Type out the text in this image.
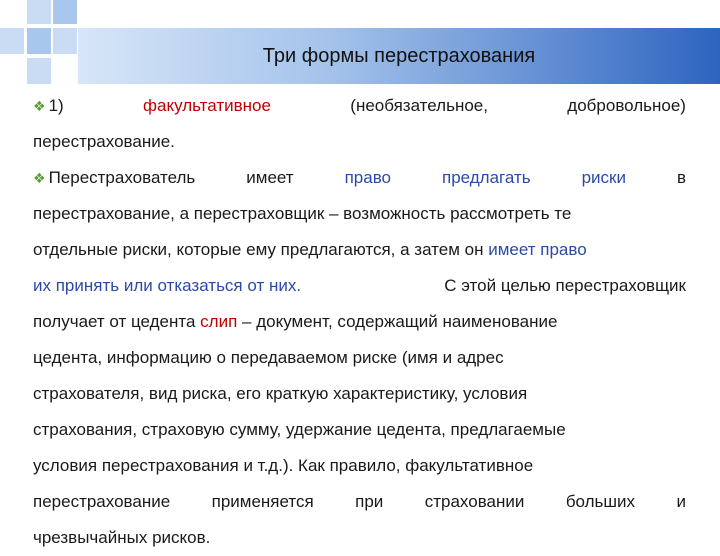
Три формы перестрахования
❖ 1)	факультативное	(необязательное,	добровольное)
перестрахование.
❖ Перестрахователь	имеет	право	предлагать	риски	в
перестрахование, а перестраховщик – возможность рассмотреть те
отдельные риски, которые ему предлагаются, а затем он имеет право
их принять или отказаться от них.	С этой целью перестраховщик
получает от цедента слип – документ, содержащий наименование
цедента, информацию о передаваемом риске (имя и адрес
страхователя, вид риска, его краткую характеристику, условия
страхования, страховую сумму, удержание цедента, предлагаемые
условия перестрахования и т.д.). Как правило, факультативное
перестрахование применяется при страховании больших и
чрезвычайных рисков.
